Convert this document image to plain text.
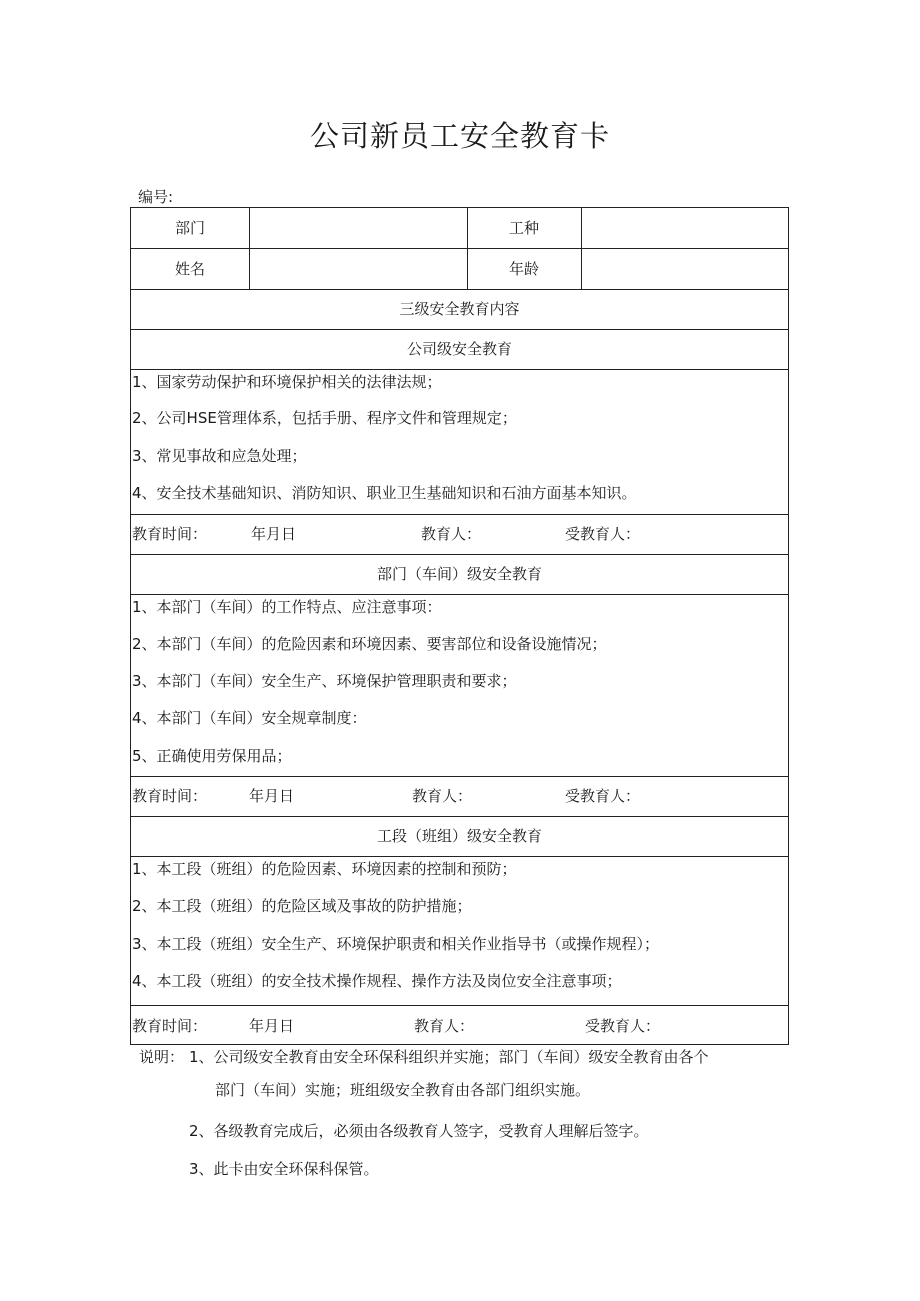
公司新员工安全教育卡
编号:
部门	工种
姓名	年龄
三级安全教育内容
公司级安全教育
1、国家劳动保护和环境保护相关的法律法规；
2、公司HSE管理体系，包括手册、程序文件和管理规定；
3、常见事故和应急处理；
4、安全技术基础知识、消防知识、职业卫生基础知识和石油方面基本知识。
教育时间：	年月日	教育人：	受教育人：
部门（车间）级安全教育
1、本部门（车间）的工作特点、应注意事项：
2、本部门（车间）的危险因素和环境因素、要害部位和设备设施情况；
3、本部门（车间）安全生产、环境保护管理职责和要求；
4、本部门（车间）安全规章制度：
5、正确使用劳保用品；
教育时间：	年月日	教育人：	受教育人：
工段（班组）级安全教育
1、本工段（班组）的危险因素、环境因素的控制和预防；
2、本工段（班组）的危险区域及事故的防护措施；
3、本工段（班组）安全生产、环境保护职责和相关作业指导书（或操作规程）；
4、本工段（班组）的安全技术操作规程、操作方法及岗位安全注意事项；
教育时间：	年月日	教育人：	受教育人：
说明： 1、公司级安全教育由安全环保科组织并实施；部门（车间）级安全教育由各个
部门（车间）实施；班组级安全教育由各部门组织实施。
2、各级教育完成后，必须由各级教育人签字，受教育人理解后签字。
3、此卡由安全环保科保管。
